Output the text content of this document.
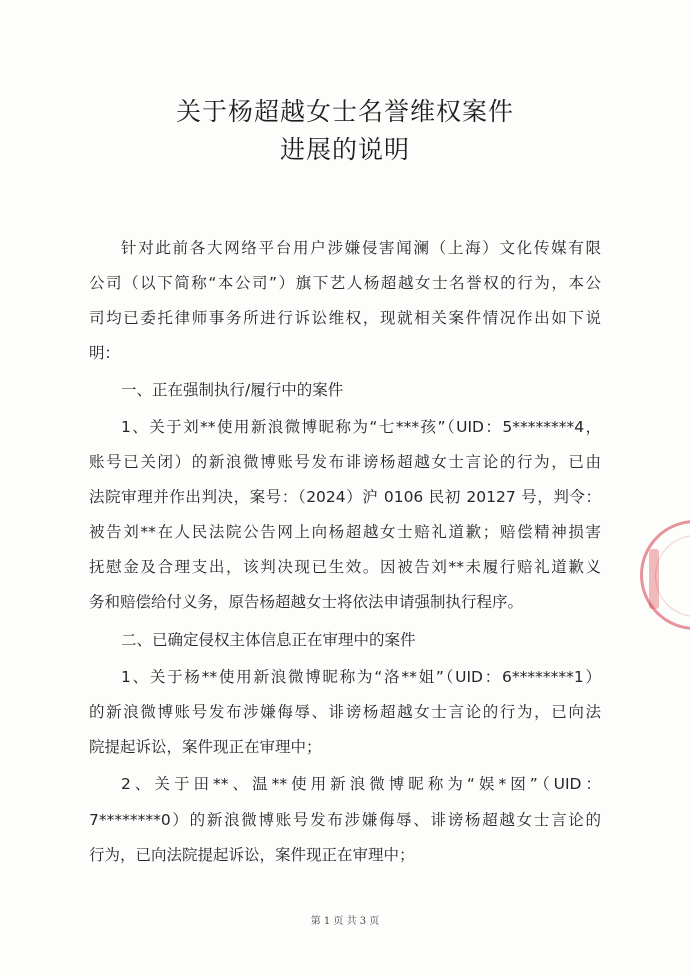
关于杨超越女士名誉维权案件
进展的说明
针对此前各大网络平台用户涉嫌侵害闻澜（上海）文化传媒有限
公司（以下简称“本公司”）旗下艺人杨超越女士名誉权的行为，本公
司均已委托律师事务所进行诉讼维权，现就相关案件情况作出如下说
明：
一、正在强制执行/履行中的案件
1、关于刘**使用新浪微博昵称为“七***孩”（UID：5********4，
账号已关闭）的新浪微博账号发布诽谤杨超越女士言论的行为，已由
法院审理并作出判决，案号：（2024）沪 0106 民初 20127 号，判令：
被告刘**在人民法院公告网上向杨超越女士赔礼道歉；赔偿精神损害
抚慰金及合理支出，该判决现已生效。因被告刘**未履行赔礼道歉义
务和赔偿给付义务，原告杨超越女士将依法申请强制执行程序。
二、已确定侵权主体信息正在审理中的案件
1、关于杨**使用新浪微博昵称为“洛**姐”（UID：6********1）
的新浪微博账号发布涉嫌侮辱、诽谤杨超越女士言论的行为，已向法
院提起诉讼，案件现正在审理中；
2、关于田**、温**使用新浪微博昵称为“娱*囡”（UID：
7********0）的新浪微博账号发布涉嫌侮辱、诽谤杨超越女士言论的
行为，已向法院提起诉讼，案件现正在审理中；
第 1 页 共 3 页
